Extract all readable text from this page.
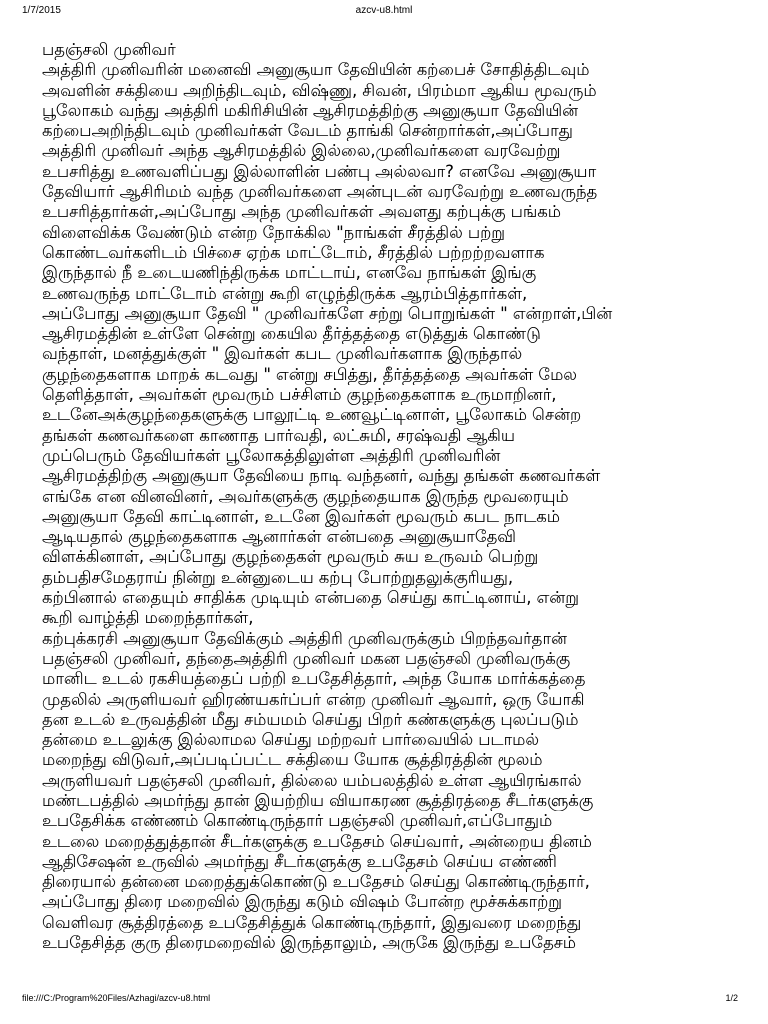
1/7/2015	azcv-u8.html
பதஞ்சலி முனிவர்

அத்திரி முனிவரின் மனைவி அனுசூயா தேவியின் கற்பைச் சோதித்திடவும்
அவளின் சக்தியை அறிந்திடவும், விஷ்ணு, சிவன், பிரம்மா ஆகிய மூவரும்
பூலோகம் வந்து அத்திரி மகிரிசியின் ஆசிரமத்திற்கு அனுசூயா தேவியின்
கற்பைஅறிந்திடவும் முனிவர்கள் வேடம் தாங்கி சென்றார்கள்,அப்போது
அத்திரி முனிவர் அந்த ஆசிரமத்தில் இல்லை,முனிவர்களை வரவேற்று
உபசரித்து உணவளிப்பது இல்லாளின் பண்பு அல்லவா? எனவே அனுசூயா
தேவியார் ஆசிரிமம் வந்த முனிவர்களை அன்புடன் வரவேற்று உணவருந்த
உபசரித்தார்கள்,அப்போது அந்த முனிவர்கள் அவளது கற்புக்கு பங்கம்
விளைவிக்க வேண்டும் என்ற நோக்கில "நாங்கள் சீரத்தில் பற்று
கொண்டவர்களிடம் பிச்சை ஏற்க மாட்டோம், சீரத்தில் பற்றற்றவளாக
இருந்தால் நீ உடையணிந்திருக்க மாட்டாய், எனவே நாங்கள் இங்கு
உணவருந்த மாட்டோம் என்று கூறி எழுந்திருக்க ஆரம்பித்தார்கள்,
அப்போது அனுசூயா தேவி " முனிவர்களே சற்று பொறுங்கள் " என்றாள்,பின்
ஆசிரமத்தின் உள்ளே சென்று கையில தீர்த்தத்தை எடுத்துக் கொண்டு
வந்தாள், மனத்துக்குள் " இவர்கள் கபட முனிவர்களாக இருந்தால்
குழந்தைகளாக மாறக் கடவது " என்று சபித்து, தீர்த்தத்தை அவர்கள் மேல
தெளித்தாள், அவர்கள் மூவரும் பச்சிளம் குழந்தைகளாக உருமாறினர்,
உடனேஅக்குழந்தைகளுக்கு பாலூட்டி உணவூட்டினாள், பூலோகம் சென்ற
தங்கள் கணவர்களை காணாத பார்வதி, லட்சுமி, சரஷ்வதி ஆகிய
முப்பெரும் தேவியர்கள் பூலோகத்திலுள்ள அத்திரி முனிவரின்
ஆசிரமத்திற்கு அனுசூயா தேவியை நாடி வந்தனர், வந்து தங்கள் கணவர்கள்
எங்கே என வினவினர், அவர்களுக்கு குழந்தையாக இருந்த மூவரையும்
அனுசூயா தேவி காட்டினாள், உடனே இவர்கள் மூவரும் கபட நாடகம்
ஆடியதால் குழந்தைகளாக ஆனார்கள் என்பதை அனுசூயாதேவி
விளக்கினாள், அப்போது குழந்தைகள் மூவரும் சுய உருவம் பெற்று
தம்பதிசமேதராய் நின்று உன்னுடைய கற்பு போற்றுதலுக்குரியது,
கற்பினால் எதையும் சாதிக்க முடியும் என்பதை செய்து காட்டினாய், என்று
கூறி வாழ்த்தி மறைந்தார்கள்,

கற்புக்கரசி அனுசூயா தேவிக்கும் அத்திரி முனிவருக்கும் பிறந்தவர்தான்
பதஞ்சலி முனிவர், தந்தைஅத்திரி முனிவர் மகன பதஞ்சலி முனிவருக்கு
மானிட உடல் ரகசியத்தைப் பற்றி உபதேசித்தார், அந்த யோக மார்க்கத்தை
முதலில் அருளியவர் ஹிரண்யகர்ப்பர் என்ற முனிவர் ஆவார், ஒரு யோகி
தன உடல் உருவத்தின் மீது சம்யமம் செய்து பிறர் கண்களுக்கு புலப்படும்
தன்மை உடலுக்கு இல்லாமல செய்து மற்றவர் பார்வையில் படாமல்
மறைந்து விடுவர்,அப்படிப்பட்ட சக்தியை யோக சூத்திரத்தின் மூலம்
அருளியவர் பதஞ்சலி முனிவர், தில்லை யம்பலத்தில் உள்ள ஆயிரங்கால்
மண்டபத்தில் அமர்ந்து தான் இயற்றிய வியாகரண சூத்திரத்தை சீடர்களுக்கு
உபதேசிக்க எண்ணம் கொண்டிருந்தார் பதஞ்சலி முனிவர்,எப்போதும்
உடலை மறைத்துத்தான் சீடர்களுக்கு உபதேசம் செய்வார், அன்றைய தினம்
ஆதிசேஷன் உருவில் அமர்ந்து சீடர்களுக்கு உபதேசம் செய்ய எண்ணி
திரையால் தன்னை மறைத்துக்கொண்டு உபதேசம் செய்து கொண்டிருந்தார்,
அப்போது திரை மறைவில் இருந்து கடும் விஷம் போன்ற மூச்சுக்காற்று
வெளிவர சூத்திரத்தை உபதேசித்துக் கொண்டிருந்தார், இதுவரை மறைந்து
உபதேசித்த குரு திரைமறைவில் இருந்தாலும், அருகே இருந்து உபதேசம்

file:///C:/Program%20Files/Azhagi/azcv-u8.html	1/2
